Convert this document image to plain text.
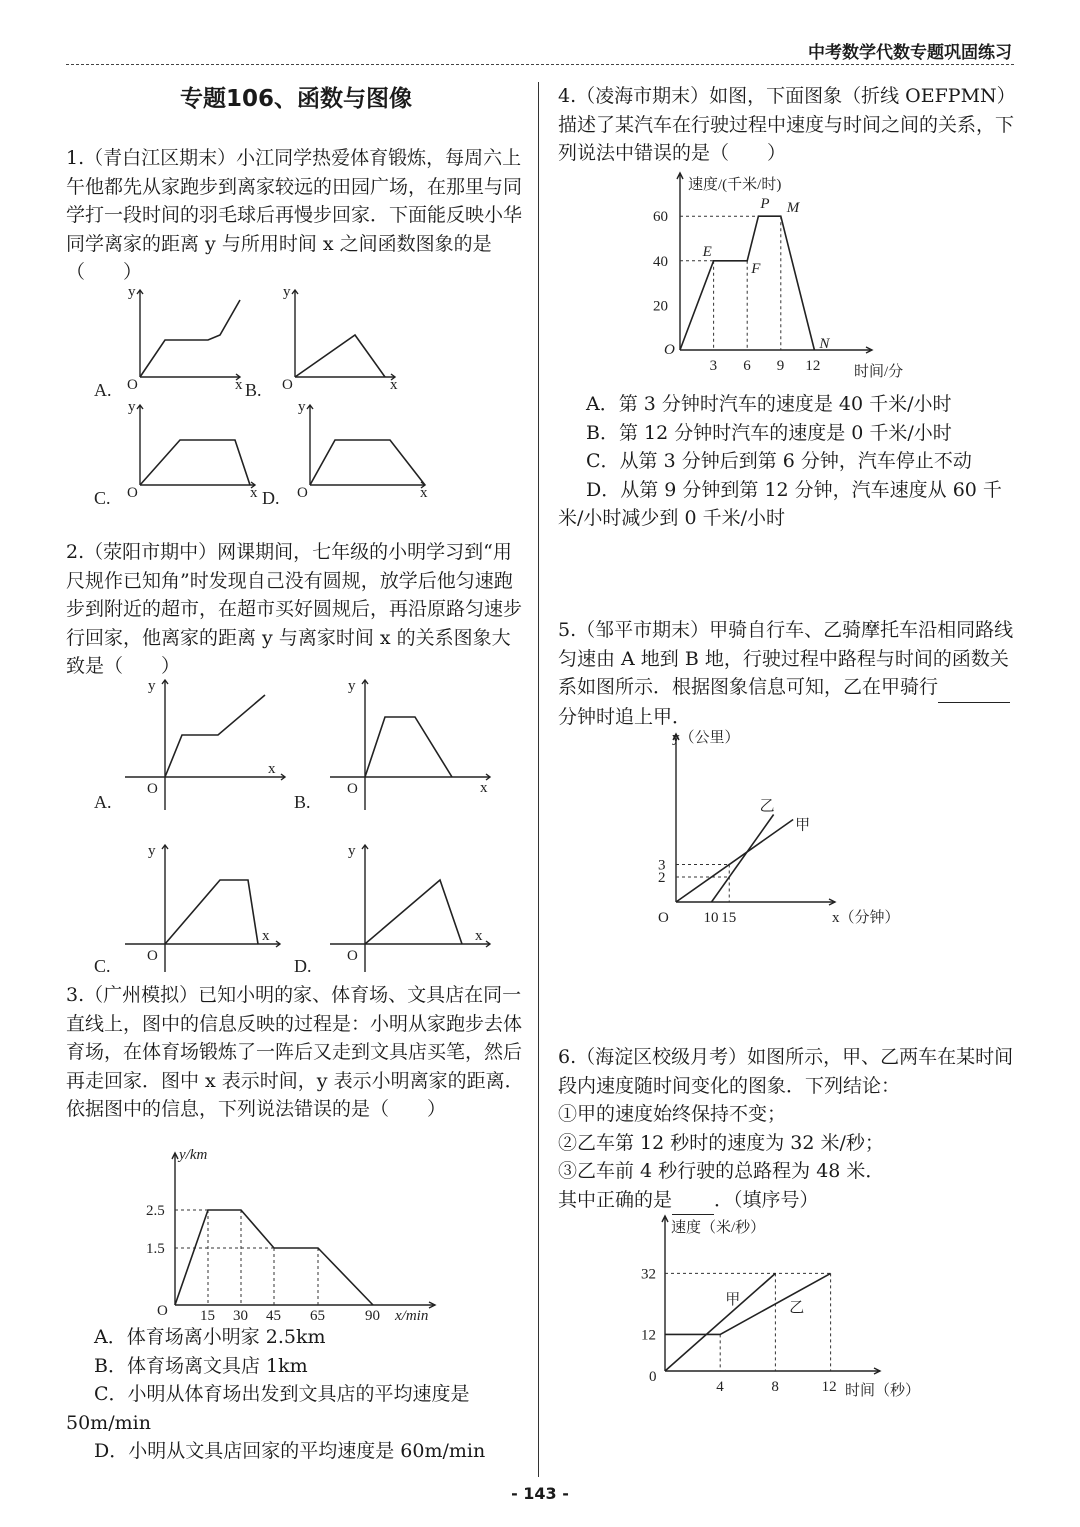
中考数学代数专题巩固练习

专题106、函数与图像

1.（青白江区期末）小江同学热爱体育锻炼，每周六上午他都先从家跑步到离家较远的田园广场，在那里与同学打一段时间的羽毛球后再慢步回家．下面能反映小华同学离家的距离 y 与所用时间 x 之间函数图象的是（　　）

O	x
y
A.	O	x
y
B.
O	x
y
C.	O	x
y
D.

2.（荥阳市期中）网课期间，七年级的小明学习到“用尺规作已知角”时发现自己没有圆规，放学后他匀速跑步到附近的超市，在超市买好圆规后，再沿原路匀速步行回家，他离家的距离 y 与离家时间 x 的关系图象大致是（　　）

O
x
y
A.
O	x
y
B.
O
x
y
C.	O
x
y
D.

3.（广州模拟）已知小明的家、体育场、文具店在同一直线上，图中的信息反映的过程是：小明从家跑步去体育场，在体育场锻炼了一阵后又走到文具店买笔，然后再走回家．图中 x 表示时间，y 表示小明离家的距离．依据图中的信息，下列说法错误的是（　　）

1.5
2.5
15 30 45 65	90
O	x/min
y/km

A．体育场离小明家 2.5km

B．体育场离文具店 1km

C．小明从体育场出发到文具店的平均速度是 50m/min

D．小明从文具店回家的平均速度是 60m/min

4.（凌海市期末）如图，下面图象（折线 OEFPMN）描述了某汽车在行驶过程中速度与时间之间的关系，下列说法中错误的是（　　）

20
40
60
3 6 9 12
O
E
F
P M
N
时间/分
速度/(千米/时)

A．第 3 分钟时汽车的速度是 40 千米/小时

B．第 12 分钟时汽车的速度是 0 千米/小时

C．从第 3 分钟后到第 6 分钟，汽车停止不动

D．从第 9 分钟到第 12 分钟，汽车速度从 60 千米/小时减少到 0 千米/小时

5.（邹平市期末）甲骑自行车、乙骑摩托车沿相同路线匀速由 A 地到 B 地，行驶过程中路程与时间的函数关系如图所示．根据图象信息可知，乙在甲骑行 分钟时追上甲．

甲
乙
2
3
10 15
O	x（分钟）
y（公里）

6.（海淀区校级月考）如图所示，甲、乙两车在某时间段内速度随时间变化的图象．下列结论：

①甲的速度始终保持不变；

②乙车第 12 秒时的速度为 32 米/秒；

③乙车前 4 秒行驶的总路程为 48 米．

其中正确的是 ．（填序号）

甲	乙
12
32
4	8	12
0
时间（秒）
速度（米/秒）
- 143 -
